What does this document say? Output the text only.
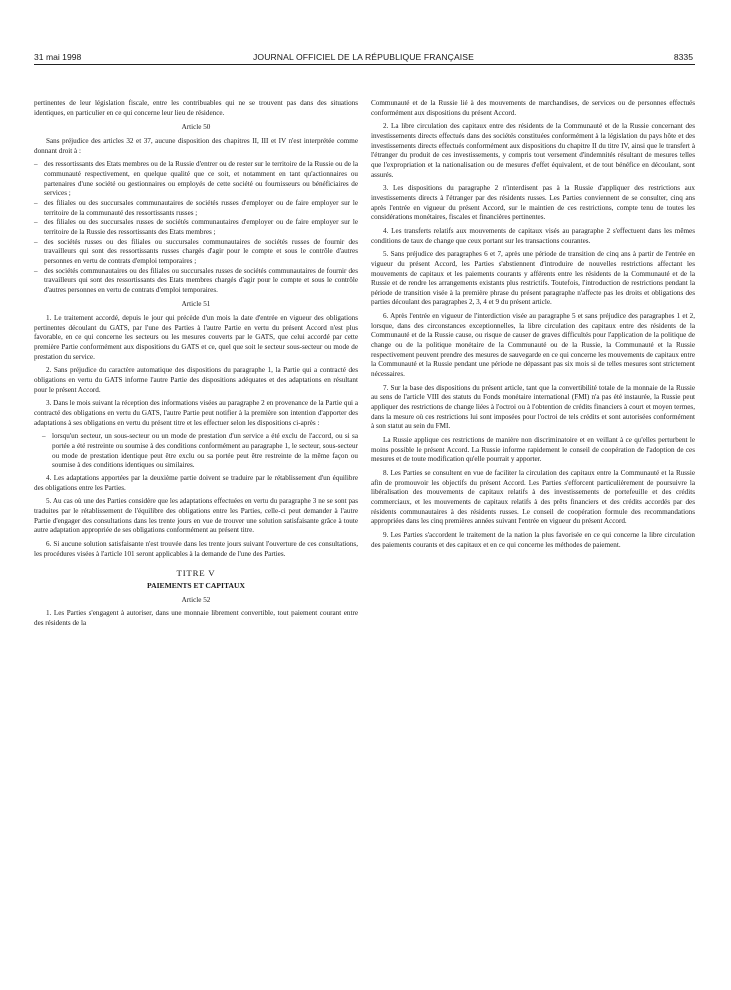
31 mai 1998	JOURNAL OFFICIEL DE LA RÉPUBLIQUE FRANÇAISE	8335

pertinentes de leur législation fiscale, entre les contribuables qui ne se trouvent pas dans des situations identiques, en particulier en ce qui concerne leur lieu de résidence.

Article 50

Sans préjudice des articles 32 et 37, aucune disposition des chapitres II, III et IV n'est interprétée comme donnant droit à :

– des ressortissants des Etats membres ou de la Russie d'entrer ou de rester sur le territoire de la Russie ou de la communauté respectivement, en quelque qualité que ce soit, et notamment en tant qu'actionnaires ou partenaires d'une société ou gestionnaires ou employés de cette société ou fournisseurs ou bénéficiaires de services ;
– des filiales ou des succursales communautaires de sociétés russes d'employer ou de faire employer sur le territoire de la communauté des ressortissants russes ;
– des filiales ou des succursales russes de sociétés communautaires d'employer ou de faire employer sur le territoire de la Russie des ressortissants des Etats membres ;
– des sociétés russes ou des filiales ou succursales communautaires de sociétés russes de fournir des travailleurs qui sont des ressortissants russes chargés d'agir pour le compte et sous le contrôle d'autres personnes en vertu de contrats d'emploi temporaires ;
– des sociétés communautaires ou des filiales ou succursales russes de sociétés communautaires de fournir des travailleurs qui sont des ressortissants des Etats membres chargés d'agir pour le compte et sous le contrôle d'autres personnes en vertu de contrats d'emploi temporaires.
Article 51

1. Le traitement accordé, depuis le jour qui précède d'un mois la date d'entrée en vigueur des obligations pertinentes découlant du GATS, par l'une des Parties à l'autre Partie en vertu du présent Accord n'est plus favorable, en ce qui concerne les secteurs ou les mesures couverts par le GATS, que celui accordé par cette première Partie conformément aux dispositions du GATS et ce, quel que soit le secteur sous-secteur ou mode de prestation du service.

2. Sans préjudice du caractère automatique des dispositions du paragraphe 1, la Partie qui a contracté des obligations en vertu du GATS informe l'autre Partie des dispositions adéquates et des adaptations en résultant pour le présent Accord.

3. Dans le mois suivant la réception des informations visées au paragraphe 2 en provenance de la Partie qui a contracté des obligations en vertu du GATS, l'autre Partie peut notifier à la première son intention d'apporter des adaptations à ses obligations en vertu du présent titre et les effectuer selon les dispositions ci-après :

– lorsqu'un secteur, un sous-secteur ou un mode de prestation d'un service a été exclu de l'accord, ou si sa portée a été restreinte ou soumise à des conditions conformément au paragraphe 1, le secteur, sous-secteur ou mode de prestation identique peut être exclu ou sa portée peut être restreinte de la même façon ou soumise à des conditions identiques ou similaires.

4. Les adaptations apportées par la deuxième partie doivent se traduire par le rétablissement d'un équilibre des obligations entre les Parties.

5. Au cas où une des Parties considère que les adaptations effectuées en vertu du paragraphe 3 ne se sont pas traduites par le rétablissement de l'équilibre des obligations entre les Parties, celle-ci peut demander à l'autre Partie d'engager des consultations dans les trente jours en vue de trouver une solution satisfaisante grâce à toute autre adaptation appropriée de ses obligations conformément au présent titre.

6. Si aucune solution satisfaisante n'est trouvée dans les trente jours suivant l'ouverture de ces consultations, les procédures visées à l'article 101 seront applicables à la demande de l'une des Parties.

TITRE V
PAIEMENTS ET CAPITAUX
Article 52

1. Les Parties s'engagent à autoriser, dans une monnaie librement convertible, tout paiement courant entre des résidents de la

Communauté et de la Russie lié à des mouvements de marchandises, de services ou de personnes effectués conformément aux dispositions du présent Accord.

2. La libre circulation des capitaux entre des résidents de la Communauté et de la Russie concernant des investissements directs effectués dans des sociétés constituées conformément à la législation du pays hôte et des investissements directs effectués conformément aux dispositions du chapitre II du titre IV, ainsi que le transfert à l'étranger du produit de ces investissements, y compris tout versement d'indemnités résultant de mesures telles que l'expropriation et la nationalisation ou de mesures d'effet équivalent, et de tout bénéfice en découlant, sont assurés.

3. Les dispositions du paragraphe 2 n'interdisent pas à la Russie d'appliquer des restrictions aux investissements directs à l'étranger par des résidents russes. Les Parties conviennent de se consulter, cinq ans après l'entrée en vigueur du présent Accord, sur le maintien de ces restrictions, compte tenu de toutes les considérations monétaires, fiscales et financières pertinentes.

4. Les transferts relatifs aux mouvements de capitaux visés au paragraphe 2 s'effectuent dans les mêmes conditions de taux de change que ceux portant sur les transactions courantes.

5. Sans préjudice des paragraphes 6 et 7, après une période de transition de cinq ans à partir de l'entrée en vigueur du présent Accord, les Parties s'abstiennent d'introduire de nouvelles restrictions affectant les mouvements de capitaux et les paiements courants y afférents entre les résidents de la Communauté et de la Russie et de rendre les arrangements existants plus restrictifs. Toutefois, l'introduction de restrictions pendant la période de transition visée à la première phrase du présent paragraphe n'affecte pas les droits et obligations des parties découlant des paragraphes 2, 3, 4 et 9 du présent article.

6. Après l'entrée en vigueur de l'interdiction visée au paragraphe 5 et sans préjudice des paragraphes 1 et 2, lorsque, dans des circonstances exceptionnelles, la libre circulation des capitaux entre des résidents de la Communauté et de la Russie cause, ou risque de causer de graves difficultés pour l'application de la politique de change ou de la politique monétaire de la Communauté ou de la Russie, la Communauté et la Russie respectivement peuvent prendre des mesures de sauvegarde en ce qui concerne les mouvements de capitaux entre la Communauté et la Russie pendant une période ne dépassant pas six mois si de telles mesures sont strictement nécessaires.

7. Sur la base des dispositions du présent article, tant que la convertibilité totale de la monnaie de la Russie au sens de l'article VIII des statuts du Fonds monétaire international (FMI) n'a pas été instaurée, la Russie peut appliquer des restrictions de change liées à l'octroi ou à l'obtention de crédits financiers à court et moyen termes, dans la mesure où ces restrictions lui sont imposées pour l'octroi de tels crédits et sont autorisées conformément à son statut au sein du FMI.

La Russie applique ces restrictions de manière non discriminatoire et en veillant à ce qu'elles perturbent le moins possible le présent Accord. La Russie informe rapidement le conseil de coopération de l'adoption de ces mesures et de toute modification qu'elle pourrait y apporter.

8. Les Parties se consultent en vue de faciliter la circulation des capitaux entre la Communauté et la Russie afin de promouvoir les objectifs du présent Accord. Les Parties s'efforcent particulièrement de poursuivre la libéralisation des mouvements de capitaux relatifs à des investissements de portefeuille et des crédits commerciaux, et les mouvements de capitaux relatifs à des prêts financiers et des crédits accordés par des résidents communautaires à des résidents russes. Le conseil de coopération formule des recommandations appropriées dans les cinq premières années suivant l'entrée en vigueur du présent Accord.

9. Les Parties s'accordent le traitement de la nation la plus favorisée en ce qui concerne la libre circulation des paiements courants et des capitaux et en ce qui concerne les méthodes de paiement.
